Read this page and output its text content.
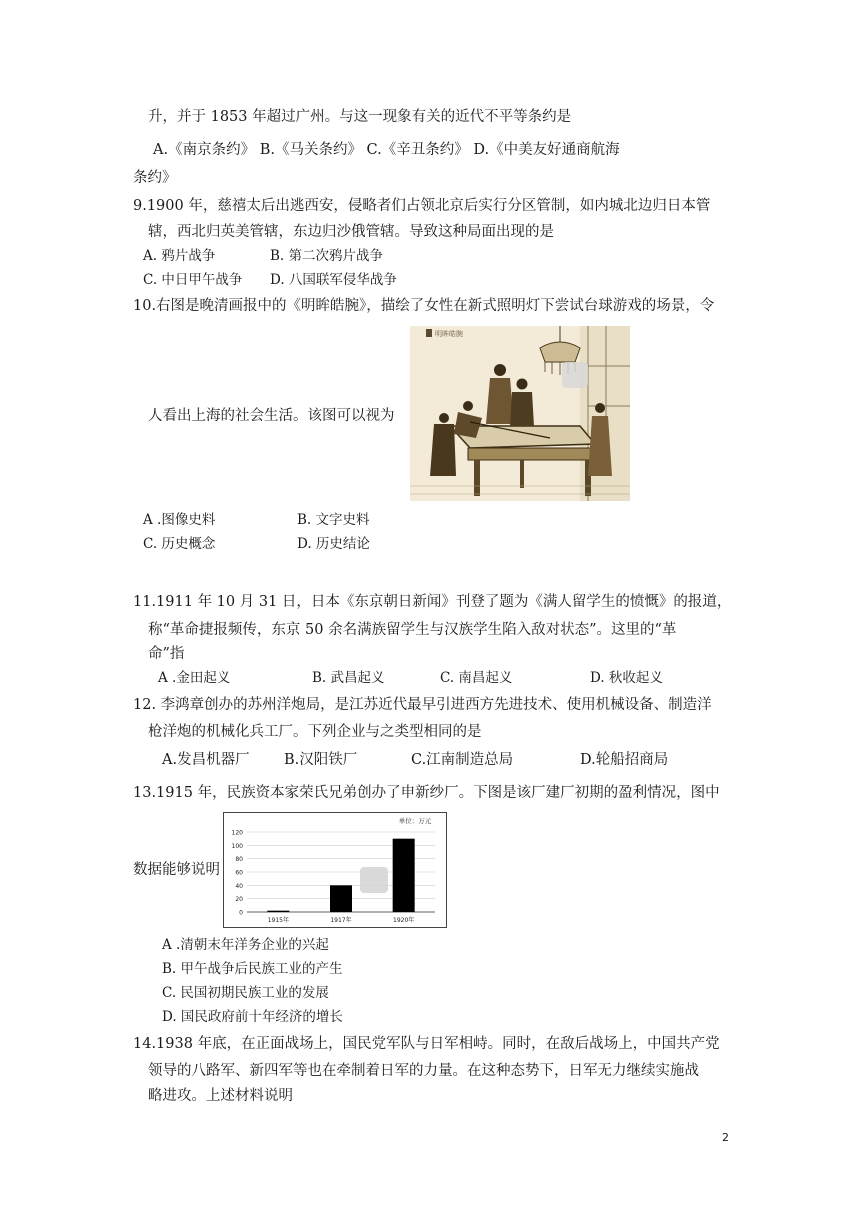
升，并于 1853 年超过广州。与这一现象有关的近代不平等条约是
A.《南京条约》 B.《马关条约》 C.《辛丑条约》 D.《中美友好通商航海
条约》
9.1900 年，慈禧太后出逃西安，侵略者们占领北京后实行分区管制，如内城北边归日本管
辖，西北归英美管辖，东边归沙俄管辖。导致这种局面出现的是
A. 鸦片战争	B. 第二次鸦片战争
C. 中日甲午战争 D. 八国联军侵华战争
10.右图是晚清画报中的《明眸皓腕》，描绘了女性在新式照明灯下尝试台球游戏的场景，令
人看出上海的社会生活。该图可以视为
明眸皓腕
A .图像史料	B. 文字史料
C. 历史概念	D. 历史结论
11.1911 年 10 月 31 日，日本《东京朝日新闻》刊登了题为《满人留学生的愤慨》的报道，
称“革命捷报频传，东京 50 余名满族留学生与汉族学生陷入敌对状态”。这里的“革
命”指
A .金田起义	B. 武昌起义	C. 南昌起义	D. 秋收起义
12. 李鸿章创办的苏州洋炮局，是江苏近代最早引进西方先进技术、使用机械设备、制造洋
枪洋炮的机械化兵工厂。下列企业与之类型相同的是
A.发昌机器厂 B.汉阳铁厂	C.江南制造总局	D.轮船招商局
13.1915 年，民族资本家荣氏兄弟创办了申新纱厂。下图是该厂建厂初期的盈利情况，图中
数据能够说明
0
20
40
60
80
100
120
单位：万元
1915年	1917年	1920年
A .清朝末年洋务企业的兴起
B. 甲午战争后民族工业的产生
C. 民国初期民族工业的发展
D. 国民政府前十年经济的增长
14.1938 年底，在正面战场上，国民党军队与日军相峙。同时，在敌后战场上，中国共产党
领导的八路军、新四军等也在牵制着日军的力量。在这种态势下，日军无力继续实施战
略进攻。上述材料说明
2
